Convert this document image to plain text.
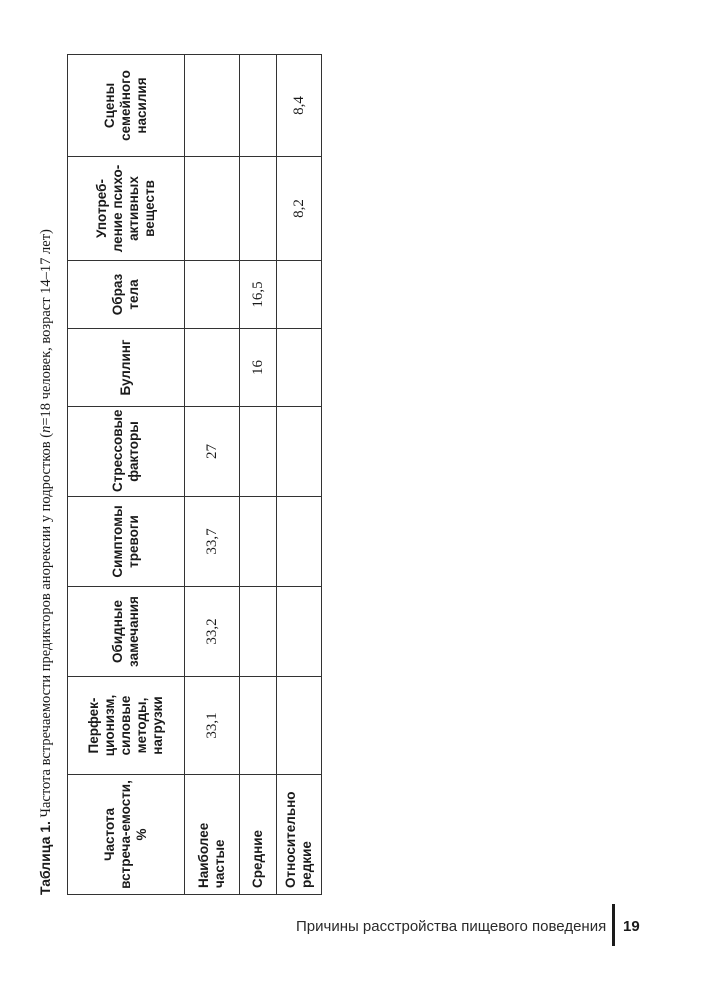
Таблица 1. Частота встречаемости предикторов анорексии у подростков (n=18 человек, возраст 14–17 лет)
Частота встреча-емости, %	Перфек-ционизм, силовые методы, нагрузки	Обидные замечания	Симптомы тревоги	Стрессовые факторы	Буллинг	Образ тела	Употреб-ление психо-активных веществ	Сцены семейного насилия
Наиболее частые	33,1	33,2	33,7	27				
Средние					16	16,5		
Относительно редкие							8,2	8,4
Причины расстройства пищевого поведения 19
